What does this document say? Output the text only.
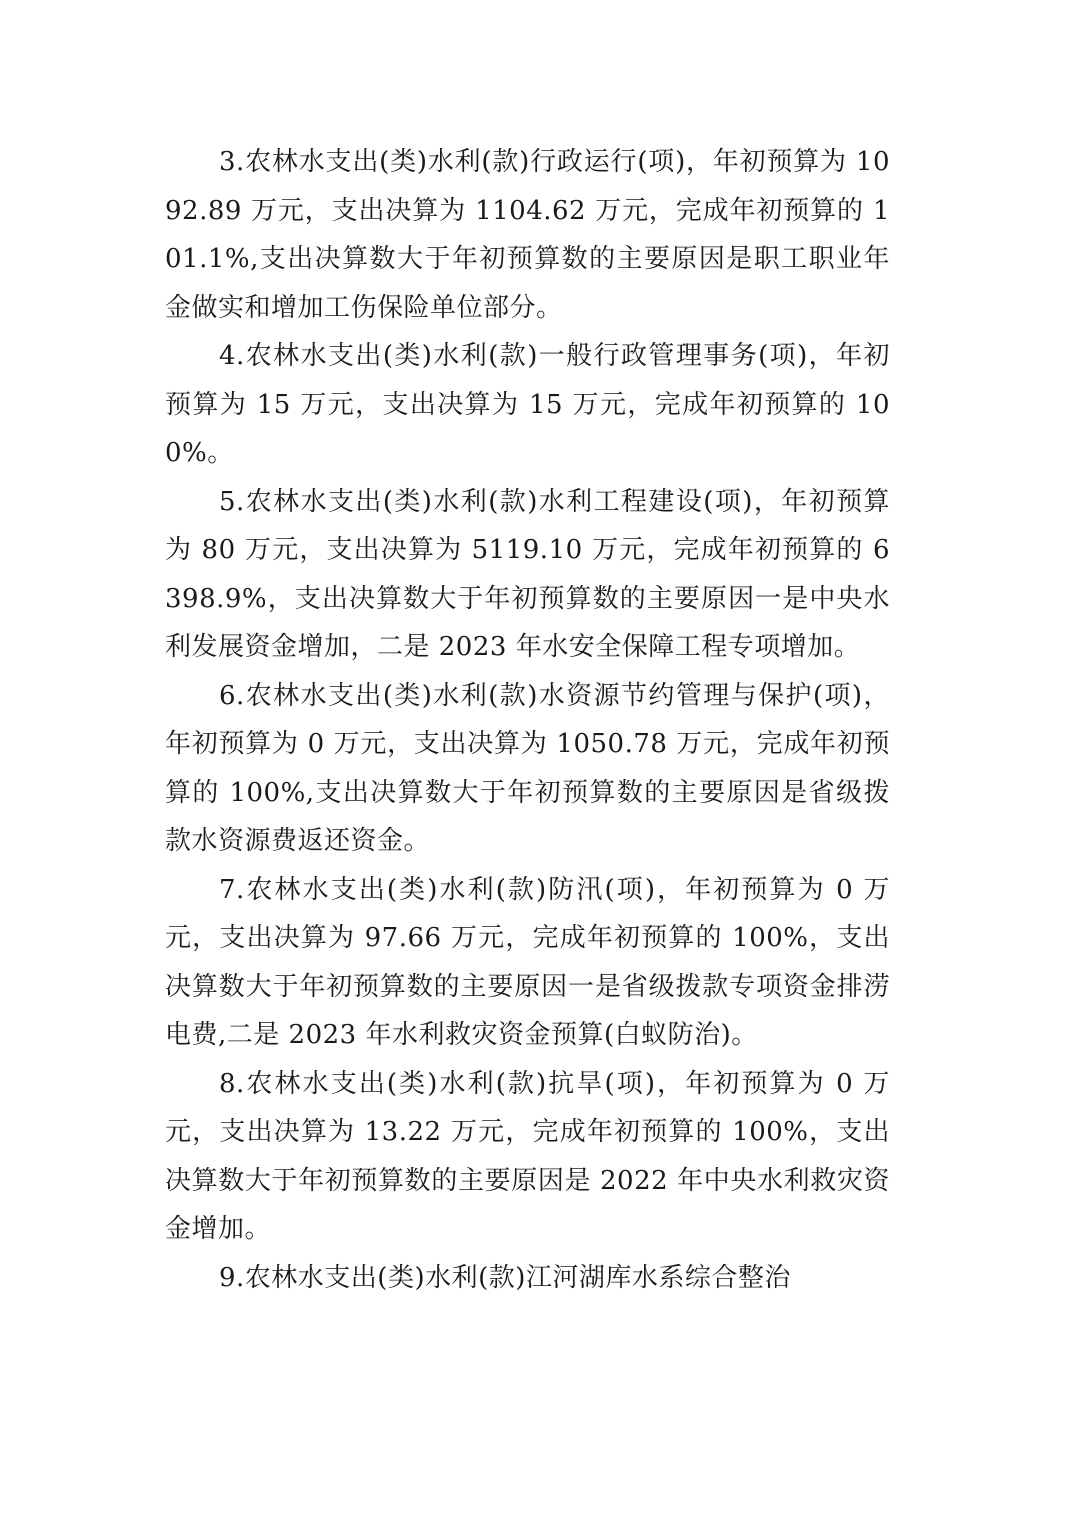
3.农林水支出(类)水利(款)行政运行(项)，年初预算为 1092.89 万元，支出决算为 1104.62 万元，完成年初预算的 101.1%,支出决算数大于年初预算数的主要原因是职工职业年金做实和增加工伤保险单位部分。

4.农林水支出(类)水利(款)一般行政管理事务(项)，年初预算为 15 万元，支出决算为 15 万元，完成年初预算的 100%。

5.农林水支出(类)水利(款)水利工程建设(项)，年初预算为 80 万元，支出决算为 5119.10 万元，完成年初预算的 6398.9%，支出决算数大于年初预算数的主要原因一是中央水利发展资金增加，二是 2023 年水安全保障工程专项增加。

6.农林水支出(类)水利(款)水资源节约管理与保护(项)，年初预算为 0 万元，支出决算为 1050.78 万元，完成年初预算的 100%,支出决算数大于年初预算数的主要原因是省级拨款水资源费返还资金。

7.农林水支出(类)水利(款)防汛(项)，年初预算为 0 万元，支出决算为 97.66 万元，完成年初预算的 100%，支出决算数大于年初预算数的主要原因一是省级拨款专项资金排涝电费,二是 2023 年水利救灾资金预算(白蚁防治)。

8.农林水支出(类)水利(款)抗旱(项)，年初预算为 0 万元，支出决算为 13.22 万元，完成年初预算的 100%，支出决算数大于年初预算数的主要原因是 2022 年中央水利救灾资金增加。

9.农林水支出(类)水利(款)江河湖库水系综合整治
